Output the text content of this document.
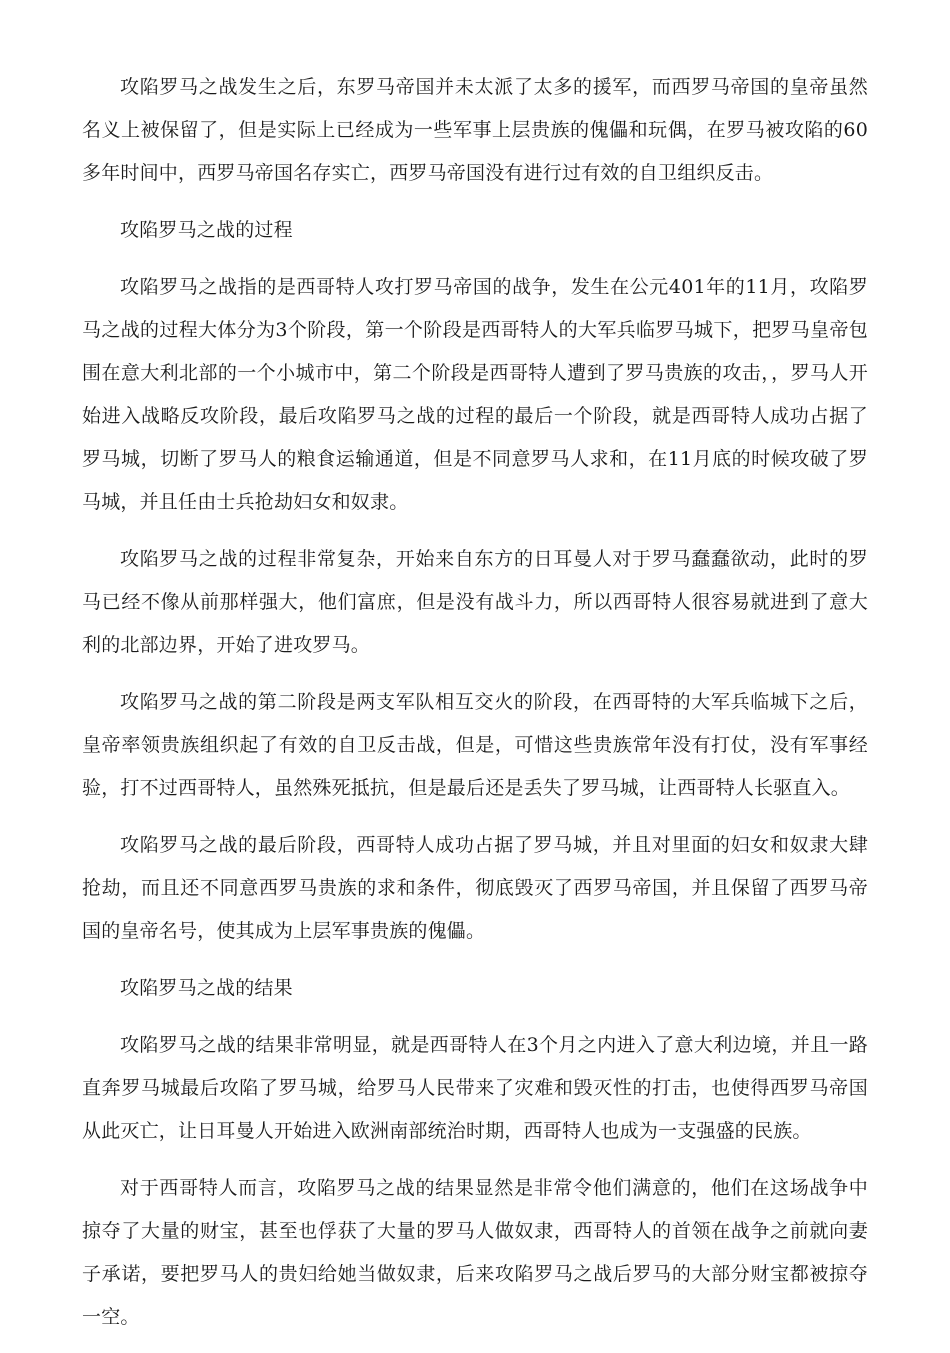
攻陷罗马之战发生之后，东罗马帝国并未太派了太多的援军，而西罗马帝国的皇帝虽然名义上被保留了，但是实际上已经成为一些军事上层贵族的傀儡和玩偶，在罗马被攻陷的60多年时间中，西罗马帝国名存实亡，西罗马帝国没有进行过有效的自卫组织反击。

攻陷罗马之战的过程

攻陷罗马之战指的是西哥特人攻打罗马帝国的战争，发生在公元401年的11月，攻陷罗马之战的过程大体分为3个阶段，第一个阶段是西哥特人的大军兵临罗马城下，把罗马皇帝包围在意大利北部的一个小城市中，第二个阶段是西哥特人遭到了罗马贵族的攻击，，罗马人开始进入战略反攻阶段，最后攻陷罗马之战的过程的最后一个阶段，就是西哥特人成功占据了罗马城，切断了罗马人的粮食运输通道，但是不同意罗马人求和，在11月底的时候攻破了罗马城，并且任由士兵抢劫妇女和奴隶。

攻陷罗马之战的过程非常复杂，开始来自东方的日耳曼人对于罗马蠢蠢欲动，此时的罗马已经不像从前那样强大，他们富庶，但是没有战斗力，所以西哥特人很容易就进到了意大利的北部边界，开始了进攻罗马。

攻陷罗马之战的第二阶段是两支军队相互交火的阶段，在西哥特的大军兵临城下之后，皇帝率领贵族组织起了有效的自卫反击战，但是，可惜这些贵族常年没有打仗，没有军事经验，打不过西哥特人，虽然殊死抵抗，但是最后还是丢失了罗马城，让西哥特人长驱直入。

攻陷罗马之战的最后阶段，西哥特人成功占据了罗马城，并且对里面的妇女和奴隶大肆抢劫，而且还不同意西罗马贵族的求和条件，彻底毁灭了西罗马帝国，并且保留了西罗马帝国的皇帝名号，使其成为上层军事贵族的傀儡。

攻陷罗马之战的结果

攻陷罗马之战的结果非常明显，就是西哥特人在3个月之内进入了意大利边境，并且一路直奔罗马城最后攻陷了罗马城，给罗马人民带来了灾难和毁灭性的打击，也使得西罗马帝国从此灭亡，让日耳曼人开始进入欧洲南部统治时期，西哥特人也成为一支强盛的民族。

对于西哥特人而言，攻陷罗马之战的结果显然是非常令他们满意的，他们在这场战争中掠夺了大量的财宝，甚至也俘获了大量的罗马人做奴隶，西哥特人的首领在战争之前就向妻子承诺，要把罗马人的贵妇给她当做奴隶，后来攻陷罗马之战后罗马的大部分财宝都被掠夺一空。
